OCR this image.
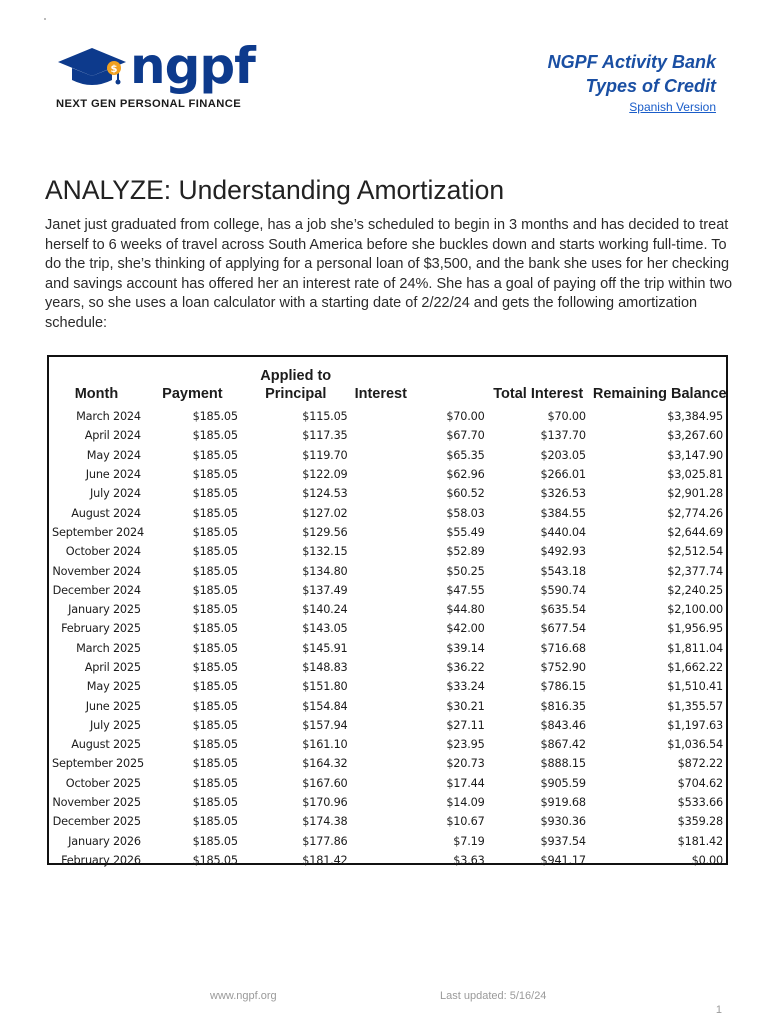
$ ngpf
NEXT GEN PERSONAL FINANCE
NGPF Activity Bank
Types of Credit
Spanish Version
ANALYZE: Understanding Amortization

Janet just graduated from college, has a job she’s scheduled to begin in 3 months and has decided to treat herself to 6 weeks of travel across South America before she buckles down and starts working full-time. To do the trip, she’s thinking of applying for a personal loan of $3,500, and the bank she uses for her checking and savings account has offered her an interest rate of 24%. She has a goal of paying off the trip within two years, so she uses a loan calculator with a starting date of 2/22/24 and gets the following amortization schedule:

Month	Payment	Applied to Principal	Interest	Total Interest	Remaining Balance
March 2024	$185.05	$115.05	$70.00	$70.00	$3,384.95
April 2024	$185.05	$117.35	$67.70	$137.70	$3,267.60
May 2024	$185.05	$119.70	$65.35	$203.05	$3,147.90
June 2024	$185.05	$122.09	$62.96	$266.01	$3,025.81
July 2024	$185.05	$124.53	$60.52	$326.53	$2,901.28
August 2024	$185.05	$127.02	$58.03	$384.55	$2,774.26
September 2024	$185.05	$129.56	$55.49	$440.04	$2,644.69
October 2024	$185.05	$132.15	$52.89	$492.93	$2,512.54
November 2024	$185.05	$134.80	$50.25	$543.18	$2,377.74
December 2024	$185.05	$137.49	$47.55	$590.74	$2,240.25
January 2025	$185.05	$140.24	$44.80	$635.54	$2,100.00
February 2025	$185.05	$143.05	$42.00	$677.54	$1,956.95
March 2025	$185.05	$145.91	$39.14	$716.68	$1,811.04
April 2025	$185.05	$148.83	$36.22	$752.90	$1,662.22
May 2025	$185.05	$151.80	$33.24	$786.15	$1,510.41
June 2025	$185.05	$154.84	$30.21	$816.35	$1,355.57
July 2025	$185.05	$157.94	$27.11	$843.46	$1,197.63
August 2025	$185.05	$161.10	$23.95	$867.42	$1,036.54
September 2025	$185.05	$164.32	$20.73	$888.15	$872.22
October 2025	$185.05	$167.60	$17.44	$905.59	$704.62
November 2025	$185.05	$170.96	$14.09	$919.68	$533.66
December 2025	$185.05	$174.38	$10.67	$930.36	$359.28
January 2026	$185.05	$177.86	$7.19	$937.54	$181.42
February 2026	$185.05	$181.42	$3.63	$941.17	$0.00
www.ngpf.org	Last updated: 5/16/24
1
